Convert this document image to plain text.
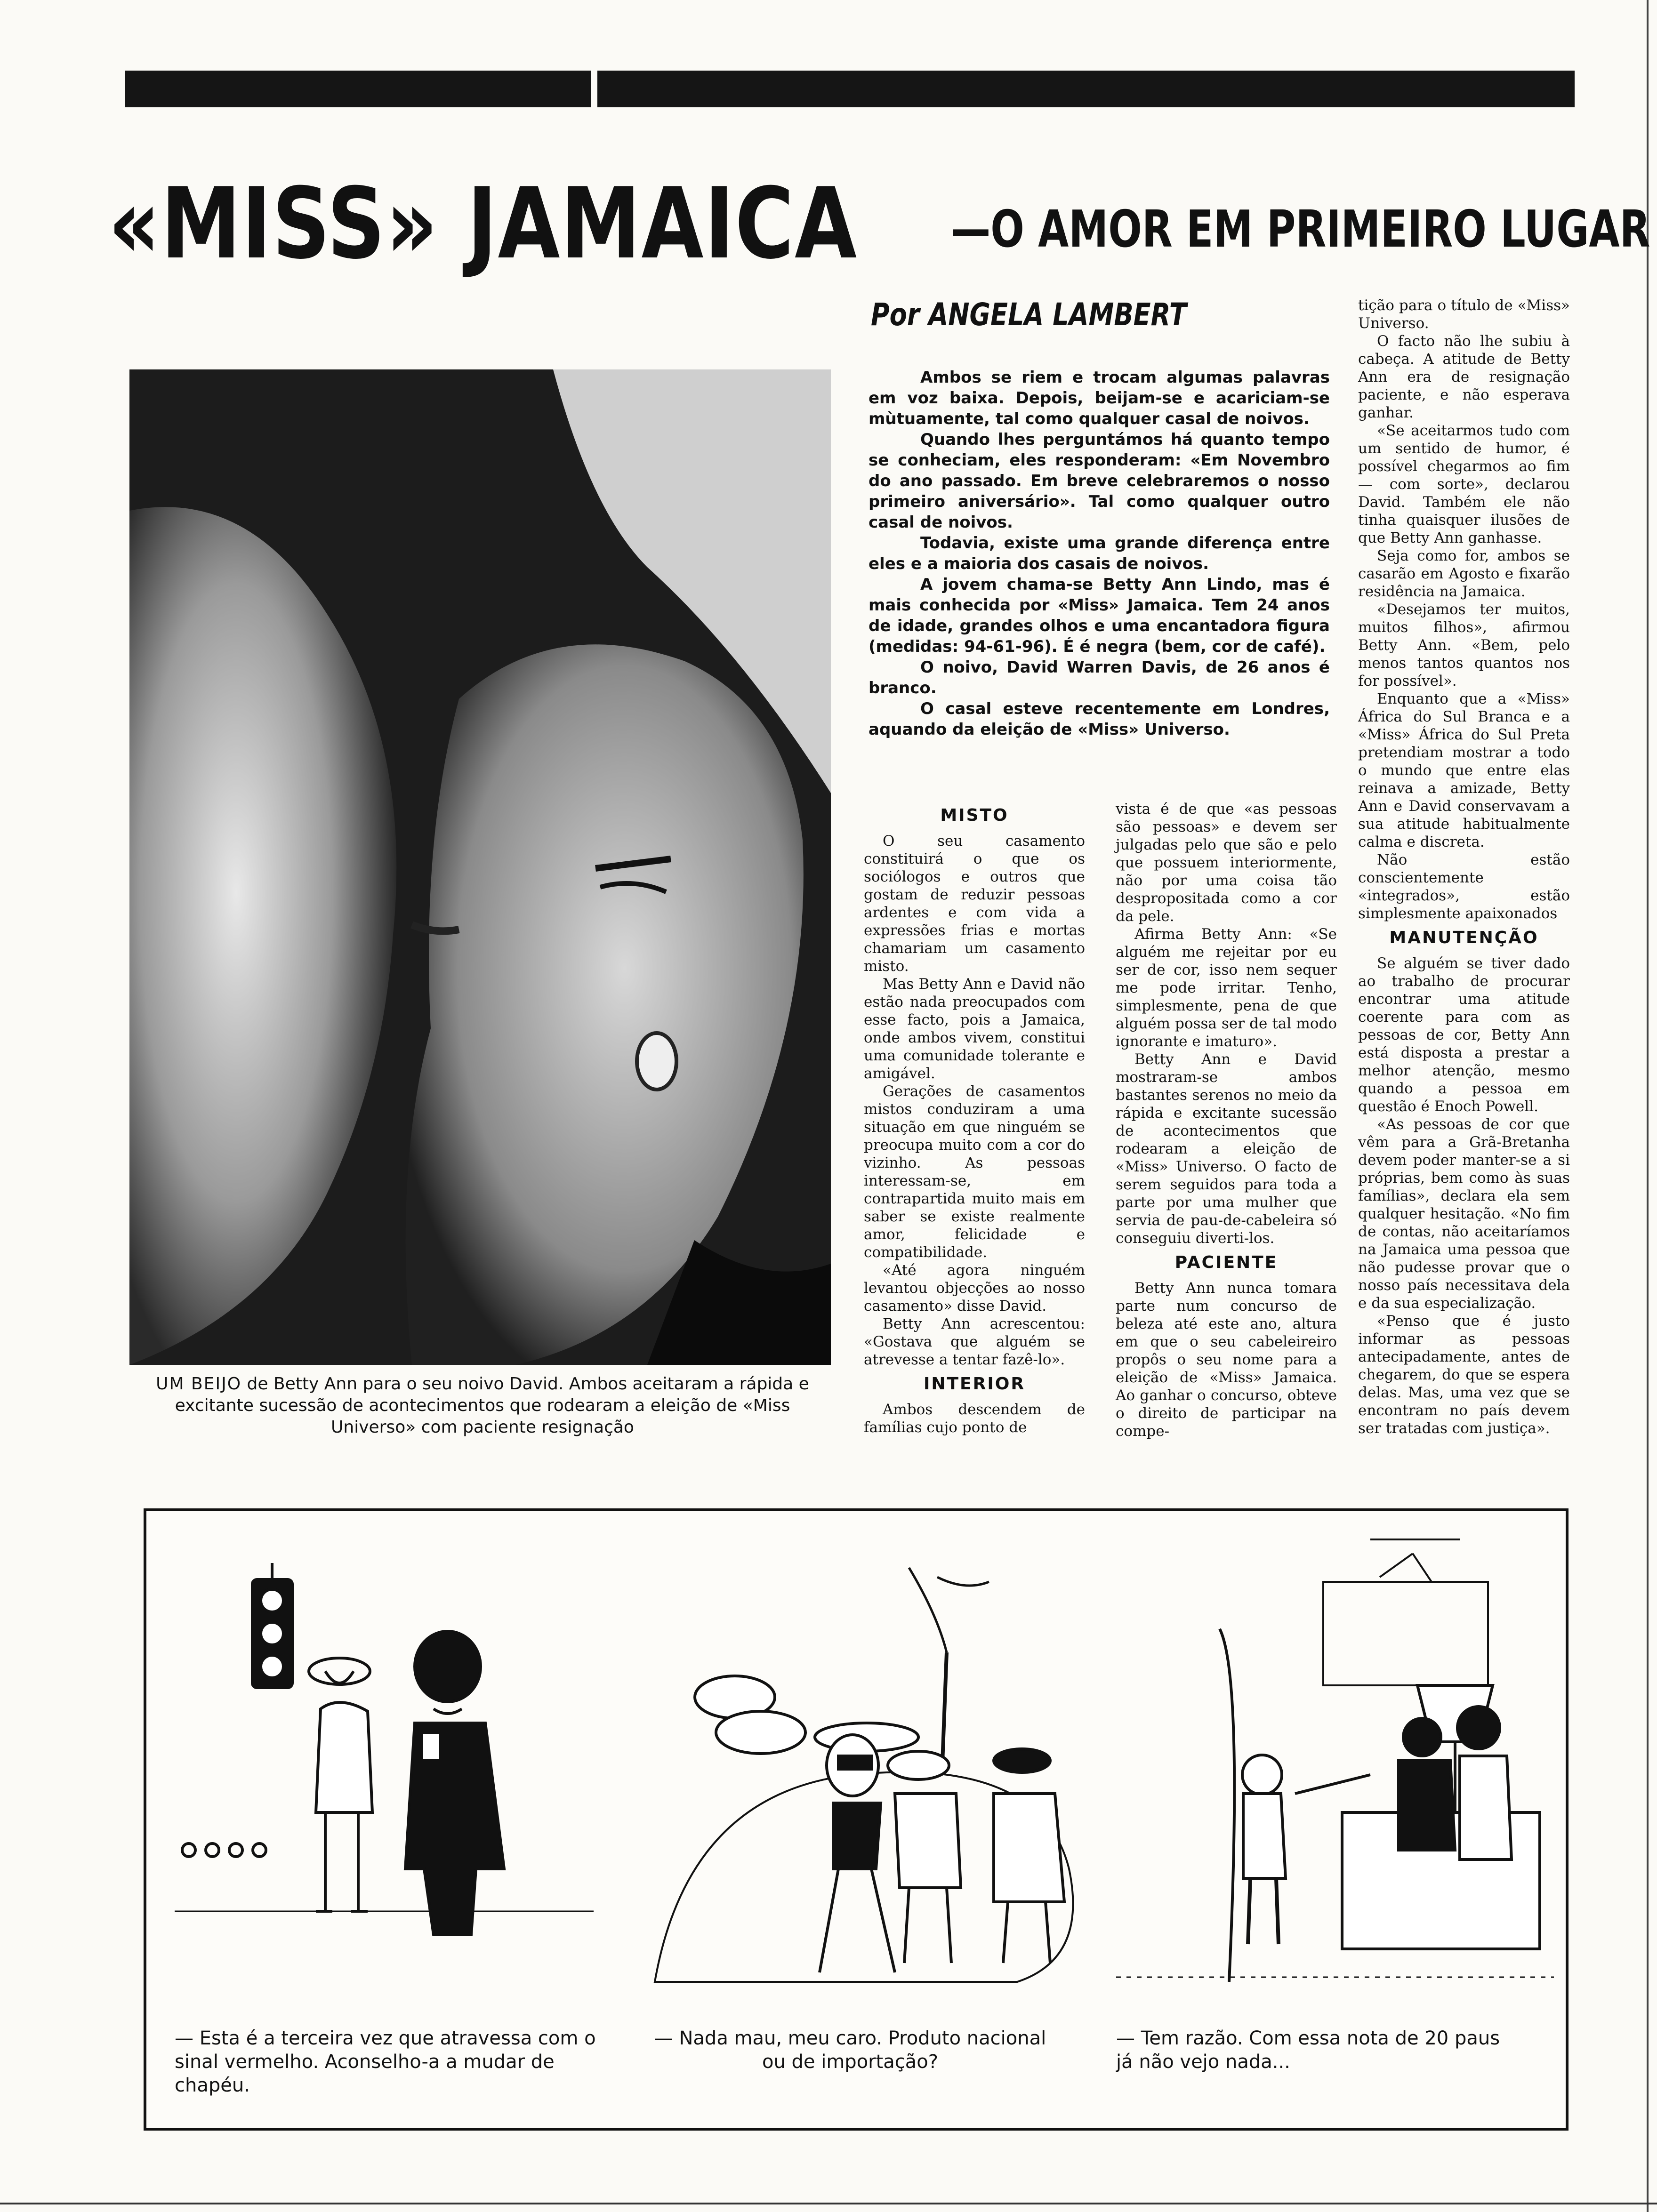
«MISS» JAMAICA —O AMOR EM PRIMEIRO LUGAR
Por ANGELA LAMBERT
UM BEIJO de Betty Ann para o seu noivo David. Ambos aceitaram a rápida e excitante sucessão de acontecimentos que rodearam a eleição de «Miss Universo» com paciente resignação

Ambos se riem e trocam algumas palavras em voz baixa. Depois, beijam-se e acariciam-se mùtuamente, tal como qualquer casal de noivos.

Quando lhes perguntámos há quanto tempo se conheciam, eles responderam: «Em Novembro do ano passado. Em breve celebraremos o nosso primeiro aniversário». Tal como qualquer outro casal de noivos.

Todavia, existe uma grande diferença entre eles e a maioria dos casais de noivos.

A jovem chama-se Betty Ann Lindo, mas é mais conhecida por «Miss» Jamaica. Tem 24 anos de idade, grandes olhos e uma encantadora figura (medidas: 94-61-96). É é negra (bem, cor de café).

O noivo, David Warren Davis, de 26 anos é branco.

O casal esteve recentemente em Londres, aquando da eleição de «Miss» Universo.

MISTO

O seu casamento constituirá o que os sociólogos e outros que gostam de reduzir pessoas ardentes e com vida a expressões frias e mortas chamariam um casamento misto.

Mas Betty Ann e David não estão nada preocupados com esse facto, pois a Jamaica, onde ambos vivem, constitui uma comunidade tolerante e amigável.

Gerações de casamentos mistos conduziram a uma situação em que ninguém se preocupa muito com a cor do vizinho. As pessoas interessam-se, em contrapartida muito mais em saber se existe realmente amor, felicidade e compatibilidade.

«Até agora ninguém levantou objecções ao nosso casamento» disse David.

Betty Ann acrescentou: «Gostava que alguém se atrevesse a tentar fazê-lo».

INTERIOR

Ambos descendem de famílias cujo ponto de

vista é de que «as pessoas são pessoas» e devem ser julgadas pelo que são e pelo que possuem interiormente, não por uma coisa tão despropositada como a cor da pele.

Afirma Betty Ann: «Se alguém me rejeitar por eu ser de cor, isso nem sequer me pode irritar. Tenho, simplesmente, pena de que alguém possa ser de tal modo ignorante e imaturo».

Betty Ann e David mostraram-se ambos bastantes serenos no meio da rápida e excitante sucessão de acontecimentos que rodearam a eleição de «Miss» Universo. O facto de serem seguidos para toda a parte por uma mulher que servia de pau-de-cabeleira só conseguiu diverti-los.

PACIENTE

Betty Ann nunca tomara parte num concurso de beleza até este ano, altura em que o seu cabeleireiro propôs o seu nome para a eleição de «Miss» Jamaica. Ao ganhar o concurso, obteve o direito de participar na compe-

tição para o título de «Miss» Universo.

O facto não lhe subiu à cabeça. A atitude de Betty Ann era de resignação paciente, e não esperava ganhar.

«Se aceitarmos tudo com um sentido de humor, é possível chegarmos ao fim — com sorte», declarou David. Também ele não tinha quaisquer ilusões de que Betty Ann ganhasse.

Seja como for, ambos se casarão em Agosto e fixarão residência na Jamaica.

«Desejamos ter muitos, muitos filhos», afirmou Betty Ann. «Bem, pelo menos tantos quantos nos for possível».

Enquanto que a «Miss» África do Sul Branca e a «Miss» África do Sul Preta pretendiam mostrar a todo o mundo que entre elas reinava a amizade, Betty Ann e David conservavam a sua atitude habitualmente calma e discreta.

Não estão conscientemente «integrados», estão simplesmente apaixonados

MANUTENÇÃO

Se alguém se tiver dado ao trabalho de procurar encontrar uma atitude coerente para com as pessoas de cor, Betty Ann está disposta a prestar a melhor atenção, mesmo quando a pessoa em questão é Enoch Powell.

«As pessoas de cor que vêm para a Grã-Bretanha devem poder manter-se a si próprias, bem como às suas famílias», declara ela sem qualquer hesitação. «No fim de contas, não aceitaríamos na Jamaica uma pessoa que não pudesse provar que o nosso país necessitava dela e da sua especialização.

«Penso que é justo informar as pessoas antecipadamente, antes de chegarem, do que se espera delas. Mas, uma vez que se encontram no país devem ser tratadas com justiça».

— Esta é a terceira vez que atravessa com o sinal vermelho. Aconselho-a a mudar de chapéu.
— Nada mau, meu caro. Produto nacional ou de importação?
— Tem razão. Com essa nota de 20 paus já não vejo nada...
